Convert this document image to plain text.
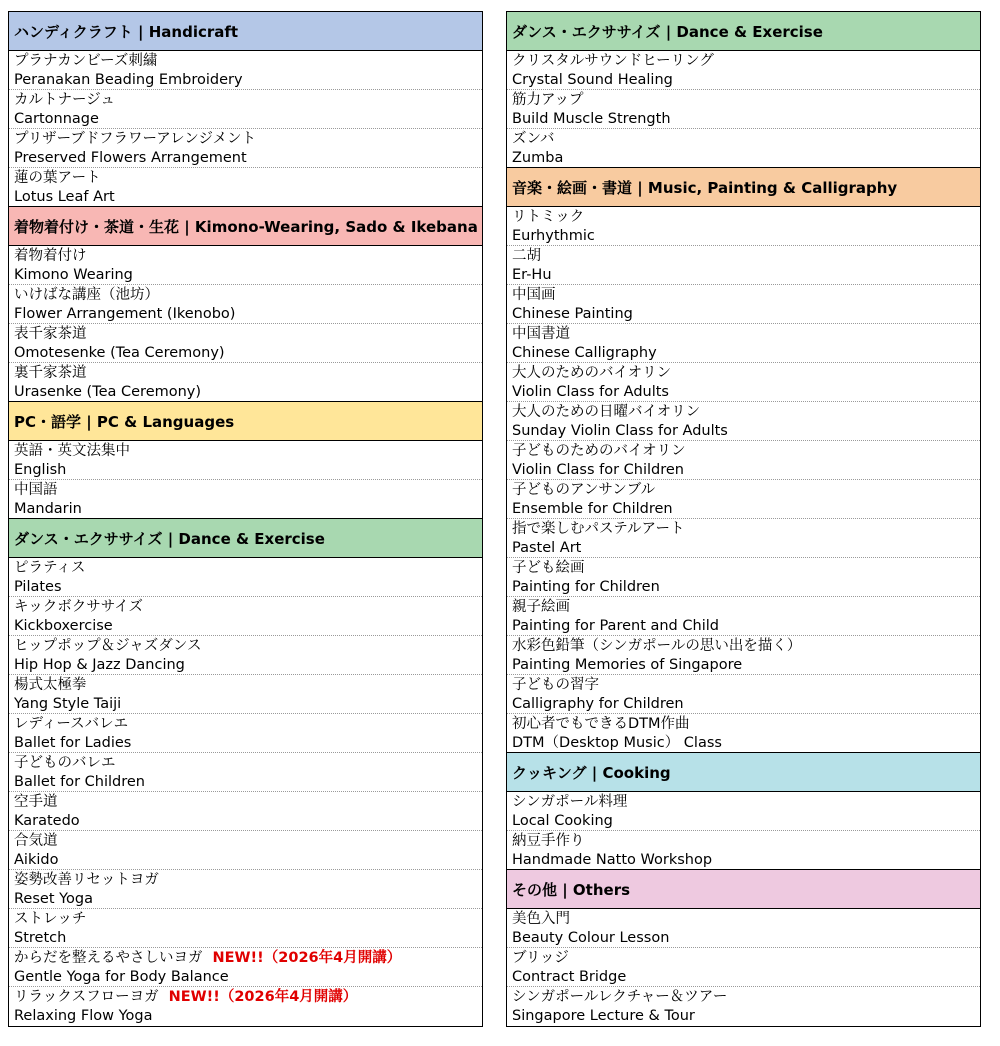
ハンディクラフト | Handicraft
プラナカンビーズ刺繍
Peranakan Beading Embroidery
カルトナージュ
Cartonnage
プリザーブドフラワーアレンジメント
Preserved Flowers Arrangement
蓮の葉アート
Lotus Leaf Art
着物着付け・茶道・生花 | Kimono-Wearing, Sado & Ikebana
着物着付け
Kimono Wearing
いけばな講座（池坊）
Flower Arrangement (Ikenobo)
表千家茶道
Omotesenke (Tea Ceremony)
裏千家茶道
Urasenke (Tea Ceremony)
PC・語学 | PC & Languages
英語・英文法集中
English
中国語
Mandarin
ダンス・エクササイズ | Dance & Exercise
ピラティス
Pilates
キックボクササイズ
Kickboxercise
ヒップポップ＆ジャズダンス
Hip Hop & Jazz Dancing
楊式太極拳
Yang Style Taiji
レディースバレエ
Ballet for Ladies
子どものバレエ
Ballet for Children
空手道
Karatedo
合気道
Aikido
姿勢改善リセットヨガ
Reset Yoga
ストレッチ
Stretch
からだを整えるやさしいヨガ NEW!!（2026年4月開講）
Gentle Yoga for Body Balance
リラックスフローヨガ NEW!!（2026年4月開講）
Relaxing Flow Yoga
ダンス・エクササイズ | Dance & Exercise
クリスタルサウンドヒーリング
Crystal Sound Healing
筋力アップ
Build Muscle Strength
ズンバ
Zumba
音楽・絵画・書道 | Music, Painting & Calligraphy
リトミック
Eurhythmic
二胡
Er-Hu
中国画
Chinese Painting
中国書道
Chinese Calligraphy
大人のためのバイオリン
Violin Class for Adults
大人のための日曜バイオリン
Sunday Violin Class for Adults
子どものためのバイオリン
Violin Class for Children
子どものアンサンブル
Ensemble for Children
指で楽しむパステルアート
Pastel Art
子ども絵画
Painting for Children
親子絵画
Painting for Parent and Child
水彩色鉛筆（シンガポールの思い出を描く）
Painting Memories of Singapore
子どもの習字
Calligraphy for Children
初心者でもできるDTM作曲
DTM（Desktop Music） Class
クッキング | Cooking
シンガポール料理
Local Cooking
納豆手作り
Handmade Natto Workshop
その他 | Others
美色入門
Beauty Colour Lesson
ブリッジ
Contract Bridge
シンガポールレクチャー＆ツアー
Singapore Lecture & Tour
